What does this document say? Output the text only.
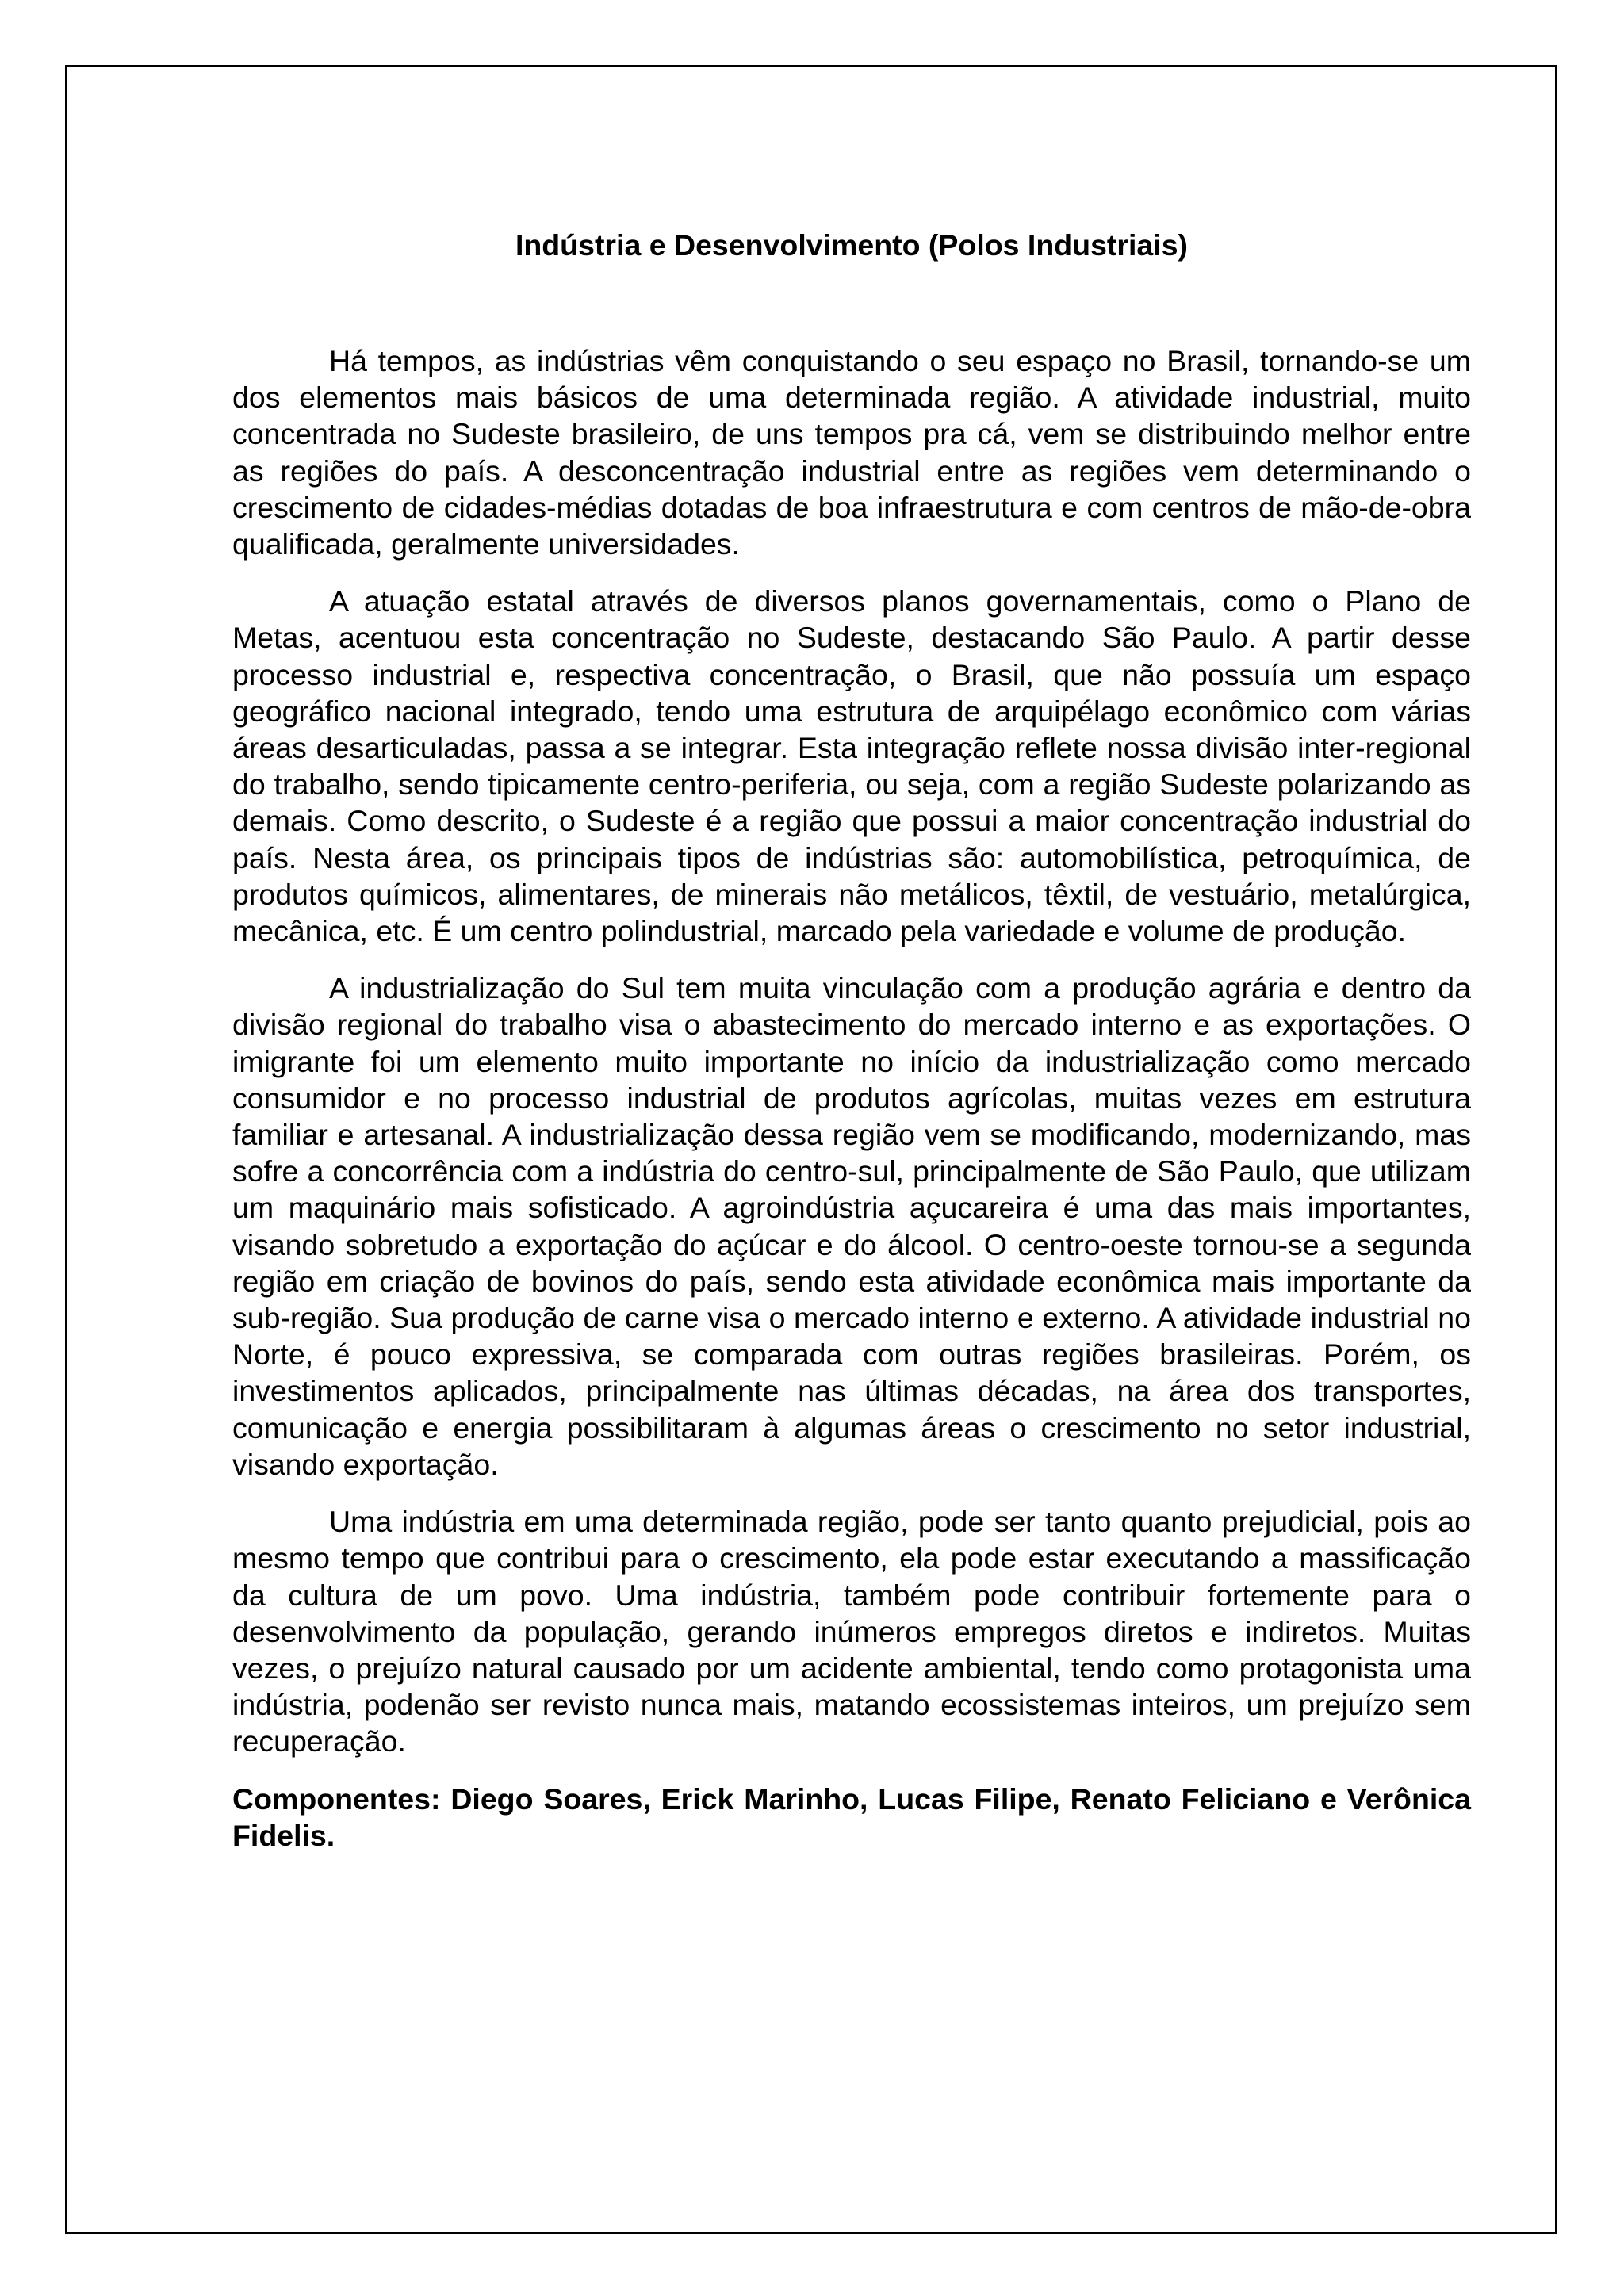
Indústria e Desenvolvimento (Polos Industriais)

Há tempos, as indústrias vêm conquistando o seu espaço no Brasil, tornando-se um dos elementos mais básicos de uma determinada região. A atividade industrial, muito concentrada no Sudeste brasileiro, de uns tempos pra cá, vem se distribuindo melhor entre as regiões do país. A desconcentração industrial entre as regiões vem determinando o crescimento de cidades-médias dotadas de boa infraestrutura e com centros de mão-de-obra qualificada, geralmente universidades.

A atuação estatal através de diversos planos governamentais, como o Plano de Metas, acentuou esta concentração no Sudeste, destacando São Paulo. A partir desse processo industrial e, respectiva concentração, o Brasil, que não possuía um espaço geográfico nacional integrado, tendo uma estrutura de arquipélago econômico com várias áreas desarticuladas, passa a se integrar. Esta integração reflete nossa divisão inter-regional do trabalho, sendo tipicamente centro-periferia, ou seja, com a região Sudeste polarizando as demais. Como descrito, o Sudeste é a região que possui a maior concentração industrial do país. Nesta área, os principais tipos de indústrias são: automobilística, petroquímica, de produtos químicos, alimentares, de minerais não metálicos, têxtil, de vestuário, metalúrgica, mecânica, etc. É um centro polindustrial, marcado pela variedade e volume de produção.

A industrialização do Sul tem muita vinculação com a produção agrária e dentro da divisão regional do trabalho visa o abastecimento do mercado interno e as exportações. O imigrante foi um elemento muito importante no início da industrialização como mercado consumidor e no processo industrial de produtos agrícolas, muitas vezes em estrutura familiar e artesanal. A industrialização dessa região vem se modificando, modernizando, mas sofre a concorrência com a indústria do centro-sul, principalmente de São Paulo, que utilizam um maquinário mais sofisticado. A agroindústria açucareira é uma das mais importantes, visando sobretudo a exportação do açúcar e do álcool. O centro-oeste tornou-se a segunda região em criação de bovinos do país, sendo esta atividade econômica mais importante da sub-região. Sua produção de carne visa o mercado interno e externo. A atividade industrial no Norte, é pouco expressiva, se comparada com outras regiões brasileiras. Porém, os investimentos aplicados, principalmente nas últimas décadas, na área dos transportes, comunicação e energia possibilitaram à algumas áreas o crescimento no setor industrial, visando exportação.

Uma indústria em uma determinada região, pode ser tanto quanto prejudicial, pois ao mesmo tempo que contribui para o crescimento, ela pode estar executando a massificação da cultura de um povo. Uma indústria, também pode contribuir fortemente para o desenvolvimento da população, gerando inúmeros empregos diretos e indiretos. Muitas vezes, o prejuízo natural causado por um acidente ambiental, tendo como protagonista uma indústria, podenão ser revisto nunca mais, matando ecossistemas inteiros, um prejuízo sem recuperação.

Componentes: Diego Soares, Erick Marinho, Lucas Filipe, Renato Feliciano e Verônica Fidelis.
